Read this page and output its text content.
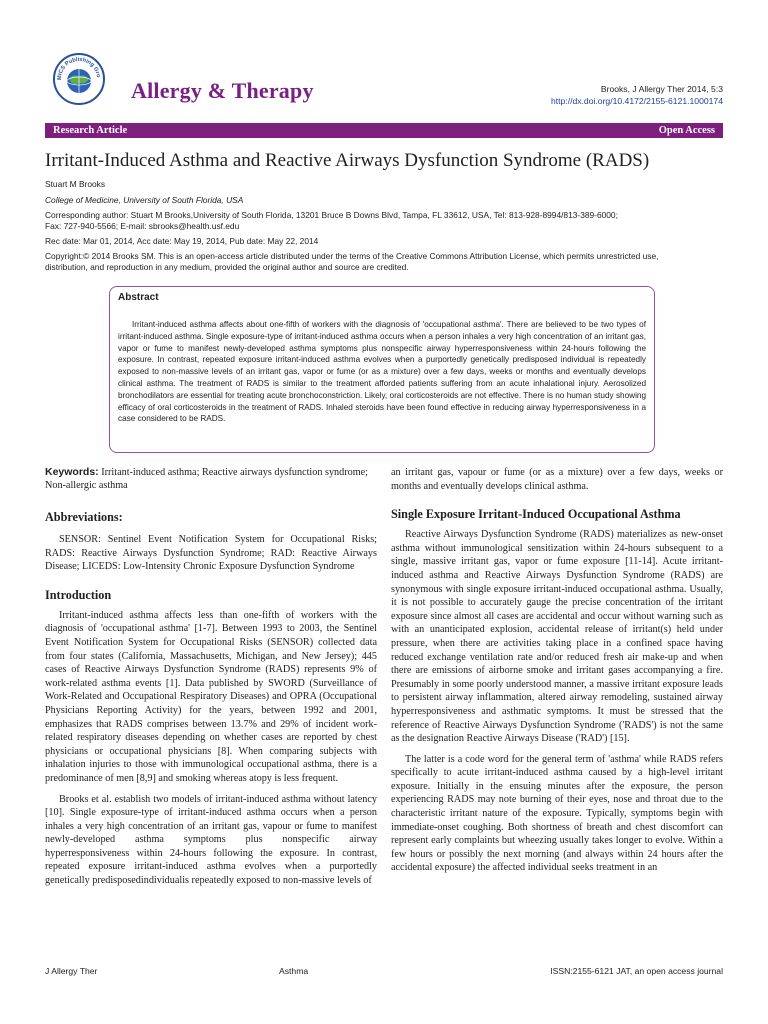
MICS Publishing Gro
Allergy & Therapy	Brooks, J Allergy Ther 2014, 5:3
http://dx.doi.org/10.4172/2155-6121.1000174
Research Article	Open Access
Irritant-Induced Asthma and Reactive Airways Dysfunction Syndrome (RADS)
Stuart M Brooks
College of Medicine, University of South Florida, USA
Corresponding author: Stuart M Brooks,University of South Florida, 13201 Bruce B Downs Blvd, Tampa, FL 33612, USA, Tel: 813-928-8994/813-389-6000;
Fax: 727-940-5566; E-mail: sbrooks@health.usf.edu
Rec date: Mar 01, 2014, Acc date: May 19, 2014, Pub date: May 22, 2014
Copyright:© 2014 Brooks SM. This is an open-access article distributed under the terms of the Creative Commons Attribution License, which permits unrestricted use,
distribution, and reproduction in any medium, provided the original author and source are credited.
Abstract
Irritant-induced asthma affects about one-fifth of workers with the diagnosis of 'occupational asthma'. There are believed to be two types of irritant-induced asthma. Single exposure-type of irritant-induced asthma occurs when a person inhales a very high concentration of an irritant gas, vapor or fume to manifest newly-developed asthma symptoms plus nonspecific airway hyperresponsiveness within 24-hours following the exposure. In contrast, repeated exposure irritant-induced asthma evolves when a purportedly genetically predisposed individual is repeatedly exposed to non-massive levels of an irritant gas, vapor or fume (or as a mixture) over a few days, weeks or months and eventually develops clinical asthma. The treatment of RADS is similar to the treatment afforded patients suffering from an acute inhalational injury. Aerosolized bronchodilators are essential for treating acute bronchoconstriction. Likely, oral corticosteroids are not effective. There is no human study showing efficacy of oral corticosteroids in the treatment of RADS. Inhaled steroids have been found effective in reducing airway hyperresponsiveness in a case considered to be RADS.
Keywords: Irritant-induced asthma; Reactive airways dysfunction syndrome; Non-allergic asthma
Abbreviations:

SENSOR: Sentinel Event Notification System for Occupational Risks; RADS: Reactive Airways Dysfunction Syndrome; RAD: Reactive Airways Disease; LICEDS: Low-Intensity Chronic Exposure Dysfunction Syndrome

Introduction

Irritant-induced asthma affects less than one-fifth of workers with the diagnosis of 'occupational asthma' [1-7]. Between 1993 to 2003, the Sentinel Event Notification System for Occupational Risks (SENSOR) collected data from four states (California, Massachusetts, Michigan, and New Jersey); 445 cases of Reactive Airways Dysfunction Syndrome (RADS) represents 9% of work-related asthma events [1]. Data published by SWORD (Surveillance of Work-Related and Occupational Respiratory Diseases) and OPRA (Occupational Physicians Reporting Activity) for the years, between 1992 and 2001, emphasizes that RADS comprises between 13.7% and 29% of incident work-related respiratory diseases depending on whether cases are reported by chest physicians or occupational physicians [8]. When comparing subjects with inhalation injuries to those with immunological occupational asthma, there is a predominance of men [8,9] and smoking whereas atopy is less frequent.

Brooks et al. establish two models of irritant-induced asthma without latency [10]. Single exposure-type of irritant-induced asthma occurs when a person inhales a very high concentration of an irritant gas, vapour or fume to manifest newly-developed asthma symptoms plus nonspecific airway hyperresponsiveness within 24-hours following the exposure. In contrast, repeated exposure irritant-induced asthma evolves when a purportedly genetically predisposedindividualis repeatedly exposed to non-massive levels of

an irritant gas, vapour or fume (or as a mixture) over a few days, weeks or months and eventually develops clinical asthma.

Single Exposure Irritant-Induced Occupational Asthma

Reactive Airways Dysfunction Syndrome (RADS) materializes as new-onset asthma without immunological sensitization within 24-hours subsequent to a single, massive irritant gas, vapor or fume exposure [11-14]. Acute irritant-induced asthma and Reactive Airways Dysfunction Syndrome (RADS) are synonymous with single exposure irritant-induced occupational asthma. Usually, it is not possible to accurately gauge the precise concentration of the irritant exposure since almost all cases are accidental and occur without warning such as with an unanticipated explosion, accidental release of irritant(s) held under pressure, when there are activities taking place in a confined space having reduced exchange ventilation rate and/or reduced fresh air make-up and when there are emissions of airborne smoke and irritant gases accompanying a fire. Presumably in some poorly understood manner, a massive irritant exposure leads to persistent airway inflammation, altered airway remodeling, sustained airway hyperresponsiveness and asthmatic symptoms. It must be stressed that the reference of Reactive Airways Dysfunction Syndrome ('RADS') is not the same as the designation Reactive Airways Disease ('RAD') [15].

The latter is a code word for the general term of 'asthma' while RADS refers specifically to acute irritant-induced asthma caused by a high-level irritant exposure. Initially in the ensuing minutes after the exposure, the person experiencing RADS may note burning of their eyes, nose and throat due to the characteristic irritant nature of the exposure. Typically, symptoms begin with immediate-onset coughing. Both shortness of breath and chest discomfort can represent early complaints but wheezing usually takes longer to evolve. Within a few hours or possibly the next morning (and always within 24 hours after the accidental exposure) the affected individual seeks treatment in an

J Allergy Ther	Asthma	ISSN:2155-6121 JAT, an open access journal
